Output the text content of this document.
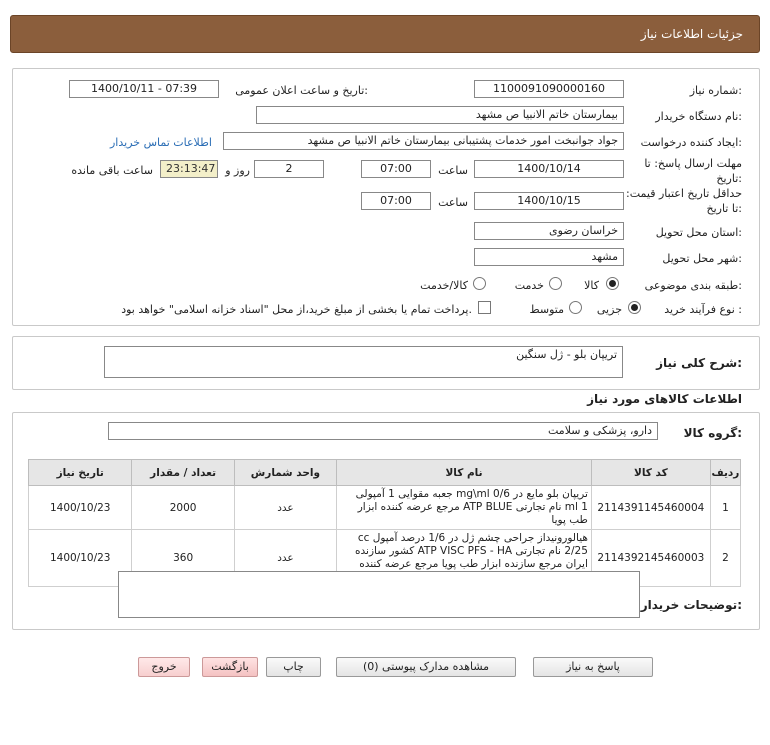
جزئیات اطلاعات نیاز
شماره نیاز:
1100091090000160
تاریخ و ساعت اعلان عمومی:
1400/10/11 - 07:39
نام دستگاه خریدار:
بیمارستان خاتم الانبیا ص مشهد
ایجاد کننده درخواست:
جواد جوانبخت امور خدمات پشتیبانی بیمارستان خاتم الانبیا ص مشهد
اطلاعات تماس خریدار
مهلت ارسال پاسخ: تا تاریخ:
1400/10/14
ساعت
07:00
2
روز و
23:13:47
ساعت باقی مانده
حداقل تاریخ اعتبار قیمت: تا تاریخ:
1400/10/15
ساعت
07:00
استان محل تحویل:
خراسان رضوی
شهر محل تحویل:
مشهد
طبقه بندی موضوعی:
کالا
خدمت
کالا/خدمت
نوع فرآیند خرید :
جزیی
متوسط
پرداخت تمام یا بخشی از مبلغ خرید،از محل "اسناد خزانه اسلامی" خواهد بود.
شرح کلی نیاز:
تریپان بلو - ژل سنگین
اطلاعات کالاهای مورد نیاز
گروه کالا:
دارو، پزشکی و سلامت
ردیف	کد کالا	نام کالا	واحد شمارش	تعداد / مقدار	تاریخ نیاز
1	2114391145460004	تریپان بلو مایع در mg\ml 0/6 جعبه مقوایی 1 آمپولی ml 1 نام تجارتی ATP BLUE مرجع عرضه کننده ابزار طب پویا	عدد	2000	1400/10/23
2	2114392145460003	هیالورونیداز جراحی چشم ژل در 1/6 درصد آمپول cc 2/25 نام تجارتی ATP VISC PFS - HA کشور سازنده ایران مرجع سازنده ابزار طب پویا مرجع عرضه کننده	عدد	360	1400/10/23
توضیحات خریدار:
پاسخ به نیاز
مشاهده مدارک پیوستی (0)
چاپ
بازگشت
خروج
